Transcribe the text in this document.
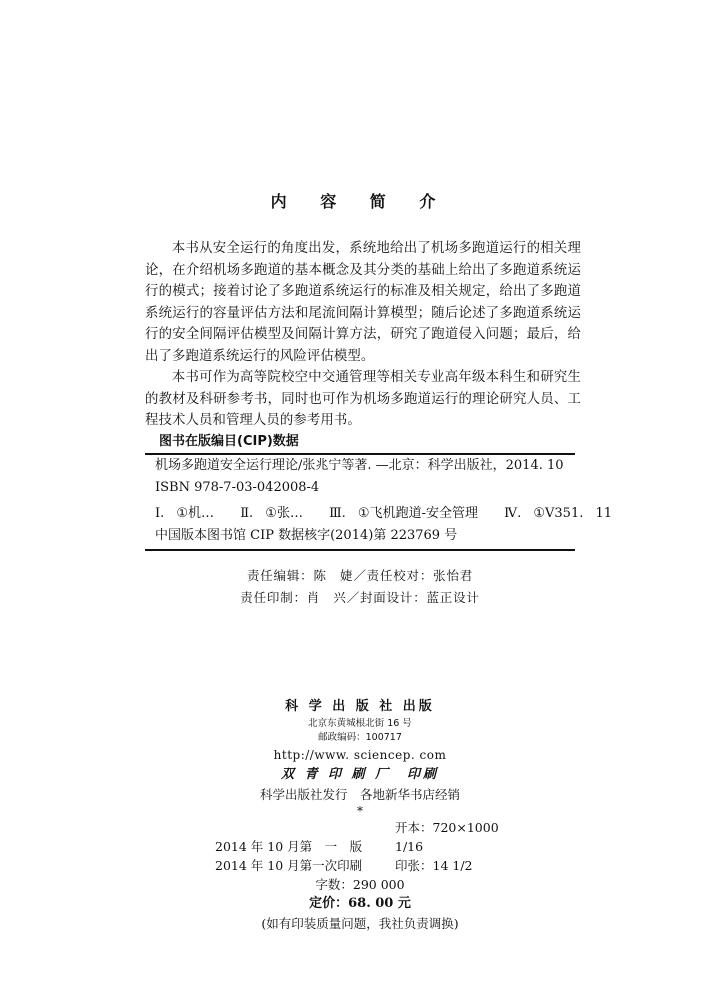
内 容 简 介

本书从安全运行的角度出发，系统地给出了机场多跑道运行的相关理论，在介绍机场多跑道的基本概念及其分类的基础上给出了多跑道系统运行的模式；接着讨论了多跑道系统运行的标准及相关规定，给出了多跑道系统运行的容量评估方法和尾流间隔计算模型；随后论述了多跑道系统运行的安全间隔评估模型及间隔计算方法，研究了跑道侵入问题；最后，给出了多跑道系统运行的风险评估模型。

本书可作为高等院校空中交通管理等相关专业高年级本科生和研究生的教材及科研参考书，同时也可作为机场多跑道运行的理论研究人员、工程技术人员和管理人员的参考用书。

图书在版编目(CIP)数据
机场多跑道安全运行理论/张兆宁等著. —北京：科学出版社，2014. 10
ISBN 978-7-03-042008-4
Ⅰ. ①机… Ⅱ. ①张… Ⅲ. ①飞机跑道-安全管理 Ⅳ. ①V351. 11
中国版本图书馆 CIP 数据核字(2014)第 223769 号
责任编辑：陈　婕／责任校对：张怡君
责任印制：肖　兴／封面设计：蓝正设计
科 学 出 版 社 出版
北京东黄城根北街 16 号
邮政编码：100717
http://www. sciencep. com
双 青 印 刷 厂　印刷
科学出版社发行　各地新华书店经销
*
2014 年 10 月第　一　版开本：720×1000 1/16
2014 年 10 月第一次印刷	印张：14 1/2
字数：290 000
定价：68. 00 元
(如有印装质量问题，我社负责调换)
